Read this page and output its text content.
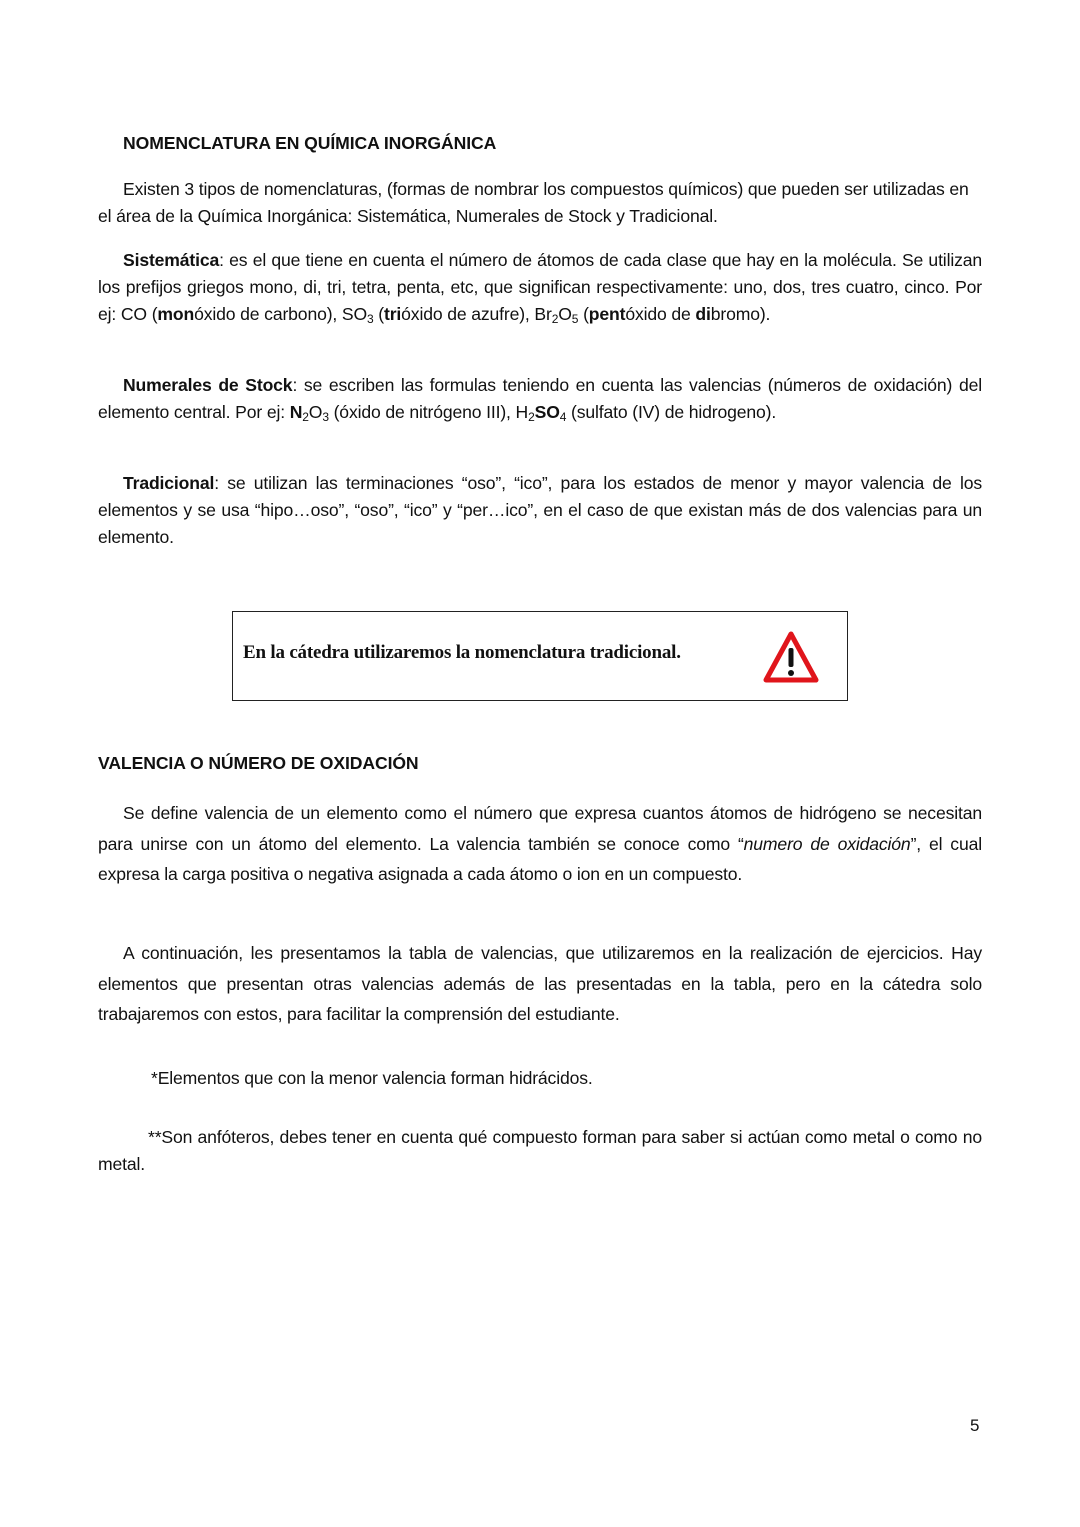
NOMENCLATURA EN QUÍMICA INORGÁNICA
Existen 3 tipos de nomenclaturas, (formas de nombrar los compuestos químicos) que pueden ser utilizadas en el área de la Química Inorgánica: Sistemática, Numerales de Stock y Tradicional.
Sistemática: es el que tiene en cuenta el número de átomos de cada clase que hay en la molécula. Se utilizan los prefijos griegos mono, di, tri, tetra, penta, etc, que significan respectivamente: uno, dos, tres cuatro, cinco. Por ej: CO (monóxido de carbono), $SO_3$ (trióxido de azufre), $Br_2O_5$ (pentóxido de dibromo).
Numerales de Stock: se escriben las formulas teniendo en cuenta las valencias (números de oxidación) del elemento central. Por ej: $N_2O_3$ (óxido de nitrógeno III), $H_2SO_4$ (sulfato (IV) de hidrogeno).
Tradicional: se utilizan las terminaciones “oso”, “ico”, para los estados de menor y mayor valencia de los elementos y se usa “hipo…oso”, “oso”, “ico” y “per…ico”, en el caso de que existan más de dos valencias para un elemento.
En la cátedra utilizaremos la nomenclatura tradicional.
VALENCIA O NÚMERO DE OXIDACIÓN
Se define valencia de un elemento como el número que expresa cuantos átomos de hidrógeno se necesitan para unirse con un átomo del elemento. La valencia también se conoce como “numero de oxidación”, el cual expresa la carga positiva o negativa asignada a cada átomo o ion en un compuesto.
A continuación, les presentamos la tabla de valencias, que utilizaremos en la realización de ejercicios. Hay elementos que presentan otras valencias además de las presentadas en la tabla, pero en la cátedra solo trabajaremos con estos, para facilitar la comprensión del estudiante.
*Elementos que con la menor valencia forman hidrácidos.
**Son anfóteros, debes tener en cuenta qué compuesto forman para saber si actúan como metal o como no metal.
5
